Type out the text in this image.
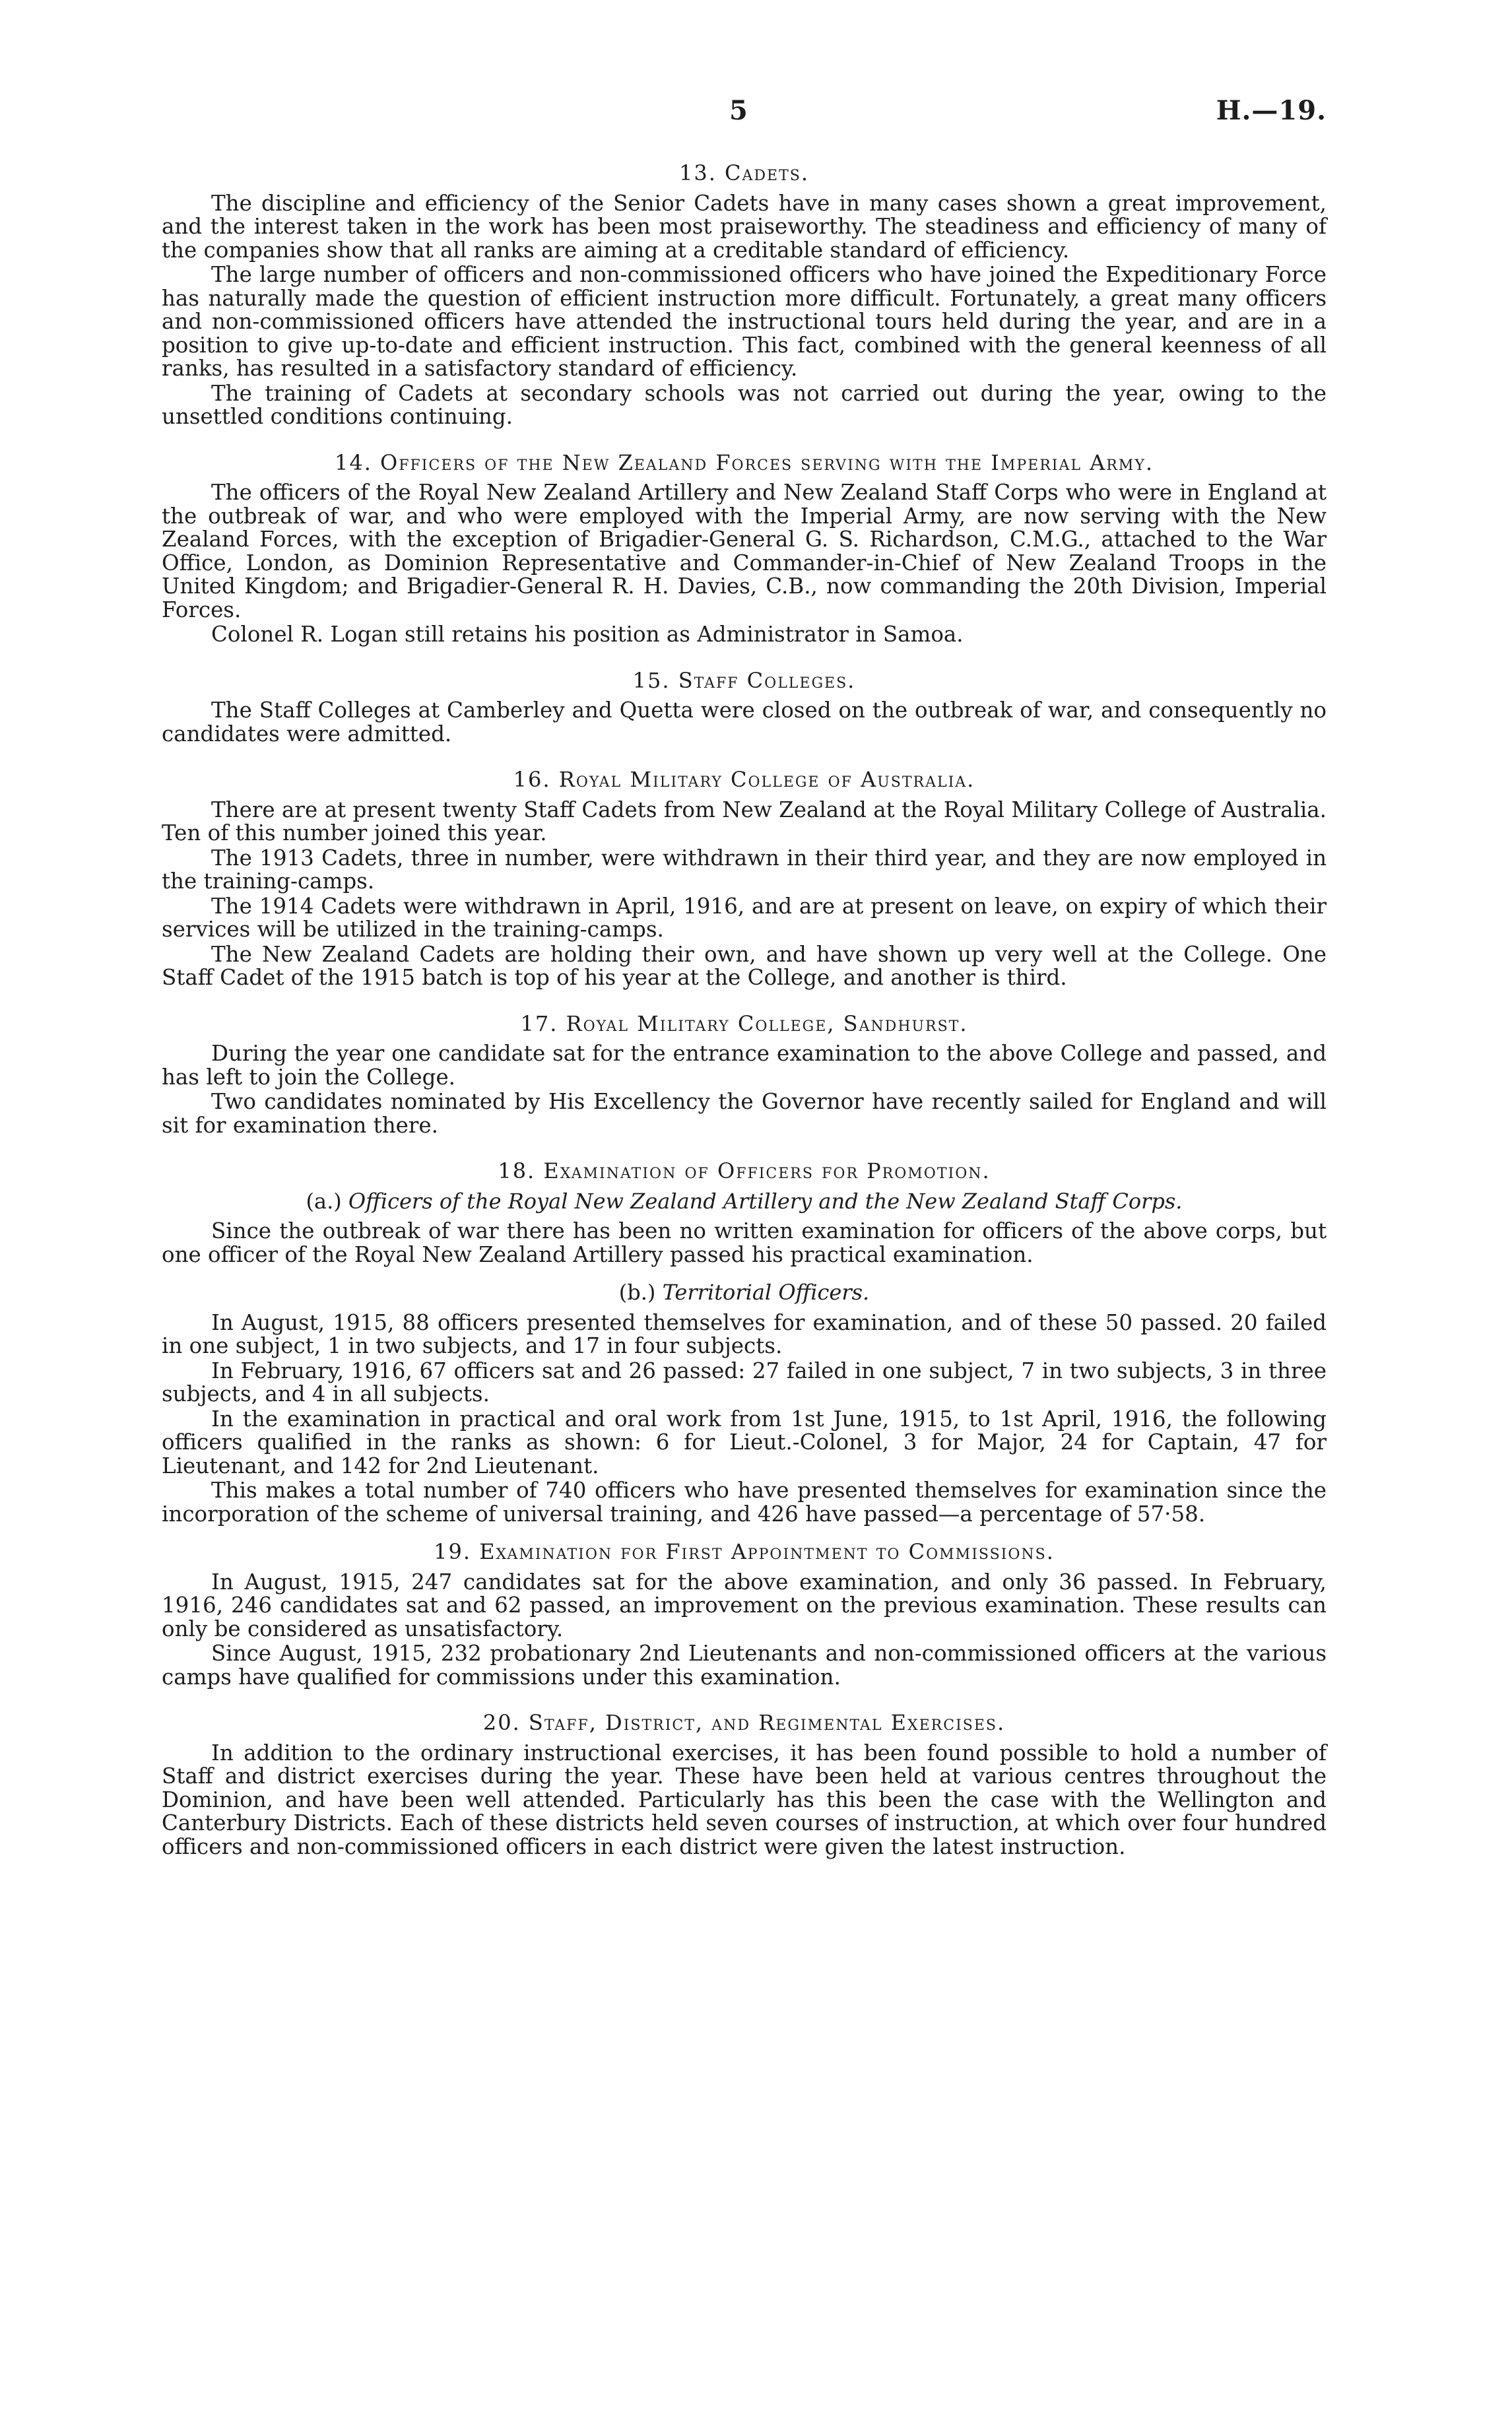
5	H.—19.
13. Cadets.

The discipline and efficiency of the Senior Cadets have in many cases shown a great improvement, and the interest taken in the work has been most praiseworthy. The steadiness and efficiency of many of the companies show that all ranks are aiming at a creditable standard of efficiency.

The large number of officers and non-commissioned officers who have joined the Expeditionary Force has naturally made the question of efficient instruction more difficult. Fortunately, a great many officers and non-commissioned officers have attended the instructional tours held during the year, and are in a position to give up-to-date and efficient instruction. This fact, combined with the general keenness of all ranks, has resulted in a satisfactory standard of efficiency.

The training of Cadets at secondary schools was not carried out during the year, owing to the unsettled conditions continuing.

14. Officers of the New Zealand Forces serving with the Imperial Army.

The officers of the Royal New Zealand Artillery and New Zealand Staff Corps who were in England at the outbreak of war, and who were employed with the Imperial Army, are now serving with the New Zealand Forces, with the exception of Brigadier-General G. S. Richardson, C.M.G., attached to the War Office, London, as Dominion Representative and Commander-in-Chief of New Zealand Troops in the United Kingdom; and Brigadier-General R. H. Davies, C.B., now commanding the 20th Division, Imperial Forces.

Colonel R. Logan still retains his position as Administrator in Samoa.

15. Staff Colleges.

The Staff Colleges at Camberley and Quetta were closed on the outbreak of war, and consequently no candidates were admitted.

16. Royal Military College of Australia.

There are at present twenty Staff Cadets from New Zealand at the Royal Military College of Australia. Ten of this number joined this year.

The 1913 Cadets, three in number, were withdrawn in their third year, and they are now employed in the training-camps.

The 1914 Cadets were withdrawn in April, 1916, and are at present on leave, on expiry of which their services will be utilized in the training-camps.

The New Zealand Cadets are holding their own, and have shown up very well at the College. One Staff Cadet of the 1915 batch is top of his year at the College, and another is third.

17. Royal Military College, Sandhurst.

During the year one candidate sat for the entrance examination to the above College and passed, and has left to join the College.

Two candidates nominated by His Excellency the Governor have recently sailed for England and will sit for examination there.

18. Examination of Officers for Promotion.
(a.) Officers of the Royal New Zealand Artillery and the New Zealand Staff Corps.

Since the outbreak of war there has been no written examination for officers of the above corps, but one officer of the Royal New Zealand Artillery passed his practical examination.

(b.) Territorial Officers.

In August, 1915, 88 officers presented themselves for examination, and of these 50 passed. 20 failed in one subject, 1 in two subjects, and 17 in four subjects.

In February, 1916, 67 officers sat and 26 passed: 27 failed in one subject, 7 in two subjects, 3 in three subjects, and 4 in all subjects.

In the examination in practical and oral work from 1st June, 1915, to 1st April, 1916, the following officers qualified in the ranks as shown: 6 for Lieut.-Colonel, 3 for Major, 24 for Captain, 47 for Lieutenant, and 142 for 2nd Lieutenant.

This makes a total number of 740 officers who have presented themselves for examination since the incorporation of the scheme of universal training, and 426 have passed—a percentage of 57·58.

19. Examination for First Appointment to Commissions.

In August, 1915, 247 candidates sat for the above examination, and only 36 passed. In February, 1916, 246 candidates sat and 62 passed, an improvement on the previous examination. These results can only be considered as unsatisfactory.

Since August, 1915, 232 probationary 2nd Lieutenants and non-commissioned officers at the various camps have qualified for commissions under this examination.

20. Staff, District, and Regimental Exercises.

In addition to the ordinary instructional exercises, it has been found possible to hold a number of Staff and district exercises during the year. These have been held at various centres throughout the Dominion, and have been well attended. Particularly has this been the case with the Wellington and Canterbury Districts. Each of these districts held seven courses of instruction, at which over four hundred officers and non-commissioned officers in each district were given the latest instruction.
